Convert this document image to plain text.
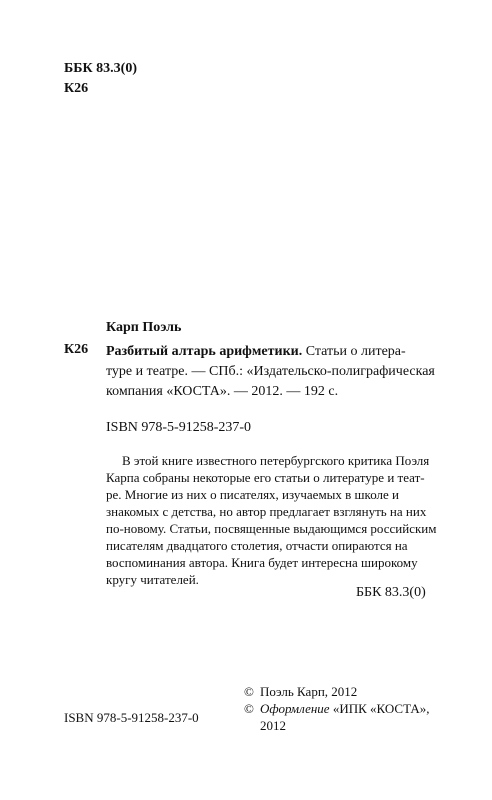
ББК 83.3(0)
К26
Карп Поэль
К26 Разбитый алтарь арифметики. Статьи о литера-
туре и театре. — СПб.: «Издательско-полиграфическая
компания «КОСТА». — 2012. — 192 с.
ISBN 978-5-91258-237-0
В этой книге известного петербургского критика Поэля
Карпа собраны некоторые его статьи о литературе и теат-
ре. Многие из них о писателях, изучаемых в школе и
знакомых с детства, но автор предлагает взглянуть на них
по-новому. Статьи, посвященные выдающимся российским
писателям двадцатого столетия, отчасти опираются на
воспоминания автора. Книга будет интересна широкому
кругу читателей.
ББК 83.3(0)
© Поэль Карп, 2012
© Оформление «ИПК «КОСТА»,
2012
ISBN 978-5-91258-237-0
